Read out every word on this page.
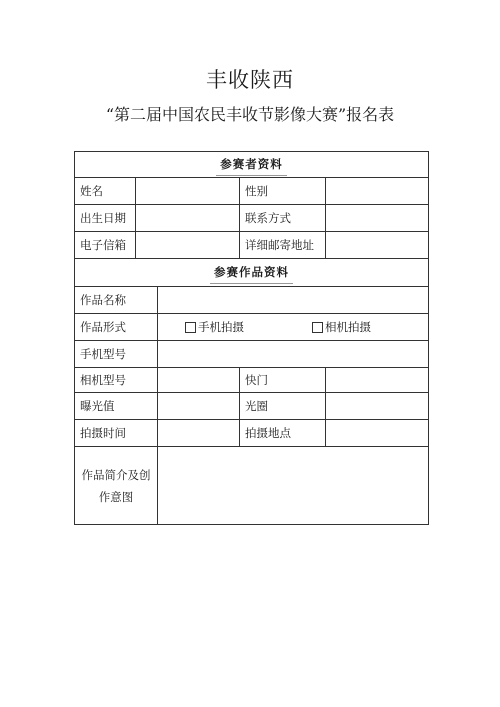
丰收陕西
“第二届中国农民丰收节影像大赛”报名表
参赛者资料
姓名	性别
出生日期	联系方式
电子信箱	详细邮寄地址
参赛作品资料
作品名称
作品形式	手机拍摄	相机拍摄
手机型号
相机型号	快门
曝光值	光圈
拍摄时间	拍摄地点
作品简介及创
作意图
